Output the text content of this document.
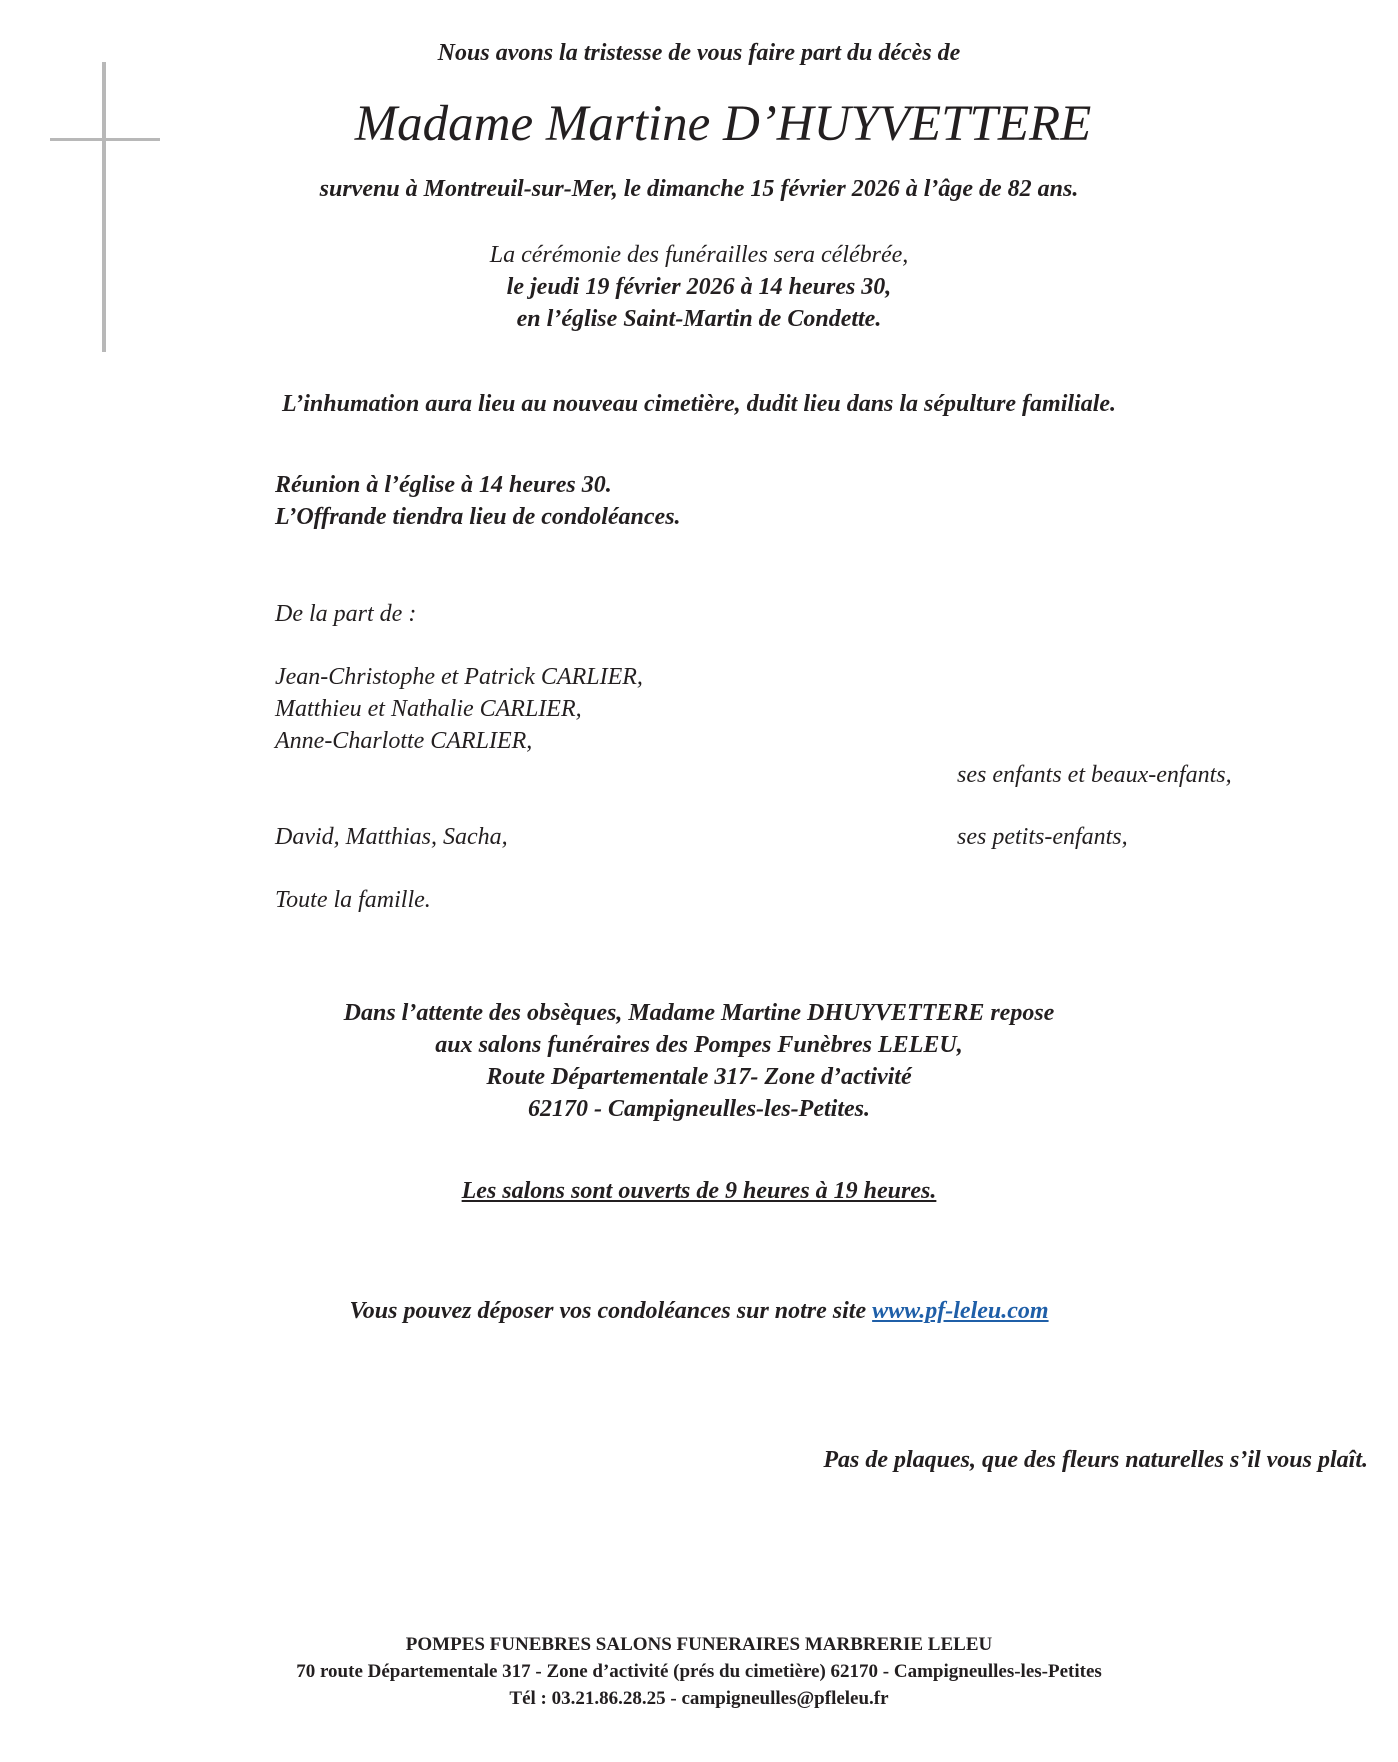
Nous avons la tristesse de vous faire part du décès de
Madame Martine D’HUYVETTERE
survenu à Montreuil-sur-Mer, le dimanche 15 février 2026 à l’âge de 82 ans.
La cérémonie des funérailles sera célébrée,
le jeudi 19 février 2026 à 14 heures 30,
en l’église Saint-Martin de Condette.
L’inhumation aura lieu au nouveau cimetière, dudit lieu dans la sépulture familiale.
Réunion à l’église à 14 heures 30.
L’Offrande tiendra lieu de condoléances.
De la part de :
Jean-Christophe et Patrick CARLIER,
Matthieu et Nathalie CARLIER,
Anne-Charlotte CARLIER,
ses enfants et beaux-enfants,
David, Matthias, Sacha,	ses petits-enfants,
Toute la famille.
Dans l’attente des obsèques, Madame Martine DHUYVETTERE repose
aux salons funéraires des Pompes Funèbres LELEU,
Route Départementale 317- Zone d’activité
62170 - Campigneulles-les-Petites.
Les salons sont ouverts de 9 heures à 19 heures.
Vous pouvez déposer vos condoléances sur notre site www.pf-leleu.com
Pas de plaques, que des fleurs naturelles s’il vous plaît.
POMPES FUNEBRES SALONS FUNERAIRES MARBRERIE LELEU
70 route Départementale 317 - Zone d’activité (prés du cimetière) 62170 - Campigneulles-les-Petites
Tél : 03.21.86.28.25 - campigneulles@pfleleu.fr
